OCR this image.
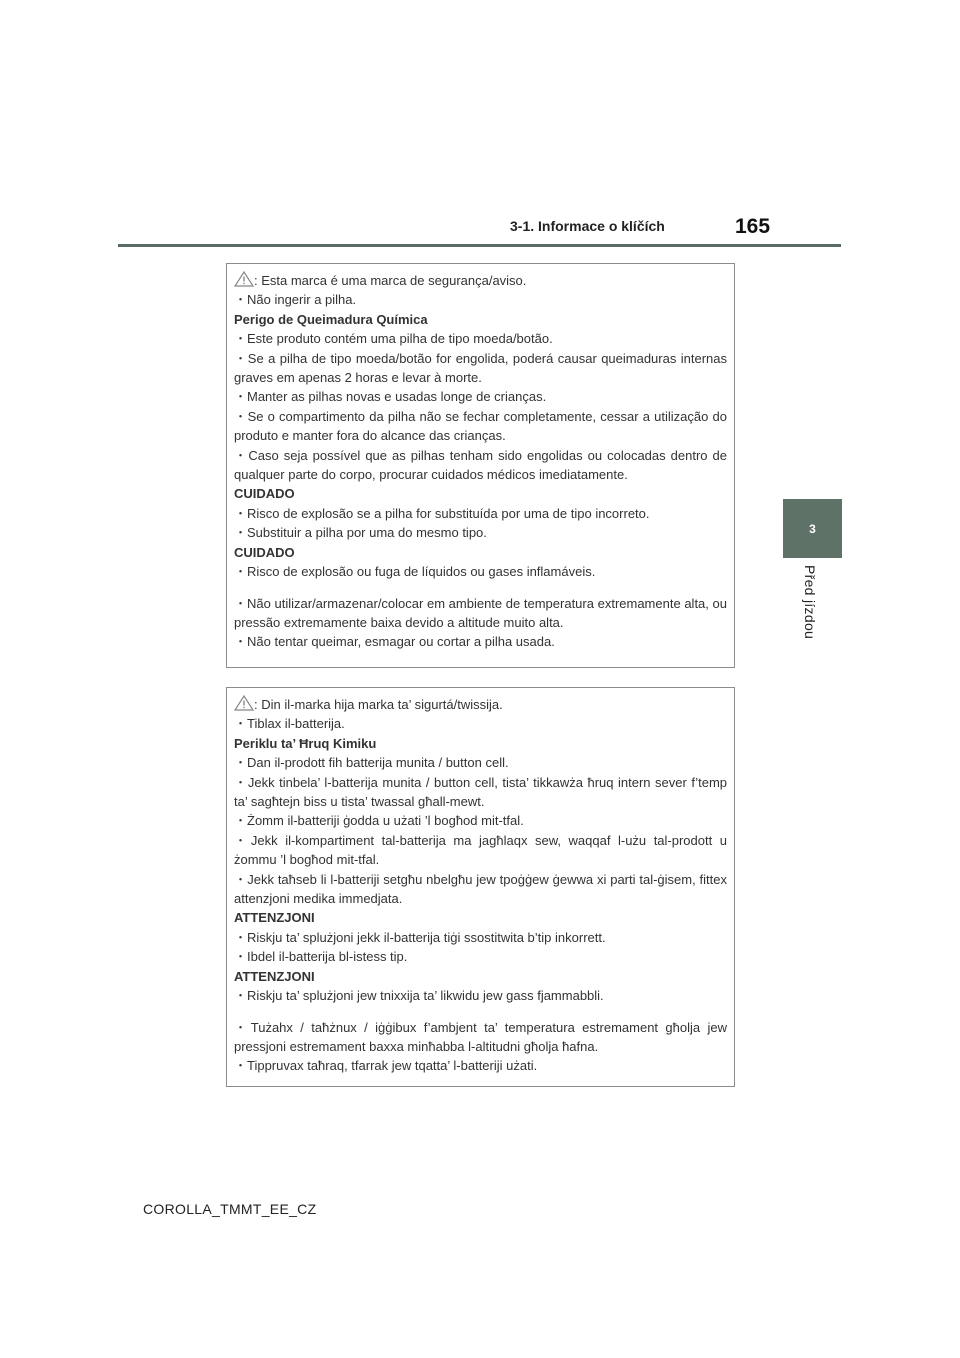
3-1. Informace o klíčích	165
3
Před jízdou

: Esta marca é uma marca de segurança/aviso.

・Não ingerir a pilha.

Perigo de Queimadura Química

・Este produto contém uma pilha de tipo moeda/botão.

・Se a pilha de tipo moeda/botão for engolida, poderá causar queimaduras internas graves em apenas 2 horas e levar à morte.

・Manter as pilhas novas e usadas longe de crianças.

・Se o compartimento da pilha não se fechar completamente, cessar a utilização do produto e manter fora do alcance das crianças.

・Caso seja possível que as pilhas tenham sido engolidas ou colocadas dentro de qualquer parte do corpo, procurar cuidados médicos imediatamente.

CUIDADO

・Risco de explosão se a pilha for substituída por uma de tipo incorreto.

・Substituir a pilha por uma do mesmo tipo.

CUIDADO

・Risco de explosão ou fuga de líquidos ou gases inflamáveis.

・Não utilizar/armazenar/colocar em ambiente de temperatura extremamente alta, ou pressão extremamente baixa devido a altitude muito alta.

・Não tentar queimar, esmagar ou cortar a pilha usada.

: Din il-marka hija marka ta’ sigurtá/twissija.

・Tiblax il-batterija.

Periklu ta’ Ħruq Kimiku

・Dan il-prodott fih batterija munita / button cell.

・Jekk tinbela’ l-batterija munita / button cell, tista’ tikkawża ħruq intern sever f’temp ta’ sagħtejn biss u tista’ twassal għall-mewt.

・Żomm il-batteriji ġodda u użati ’l bogħod mit-tfal.

・Jekk il-kompartiment tal-batterija ma jagħlaqx sew, waqqaf l-użu tal-prodott u żommu ’l bogħod mit-tfal.

・Jekk taħseb li l-batteriji setgħu nbelgħu jew tpoġġew ġewwa xi parti tal-ġisem, fittex attenzjoni medika immedjata.

ATTENZJONI

・Riskju ta’ splużjoni jekk il-batterija tiġi ssostitwita b’tip inkorrett.

・Ibdel il-batterija bl-istess tip.

ATTENZJONI

・Riskju ta’ splużjoni jew tnixxija ta’ likwidu jew gass fjammabbli.

・Tużahx / taħżnux / iġġibux f’ambjent ta’ temperatura estremament għolja jew pressjoni estremament baxxa minħabba l-altitudni għolja ħafna.

・Tippruvax taħraq, tfarrak jew tqatta’ l-batteriji użati.

COROLLA_TMMT_EE_CZ
